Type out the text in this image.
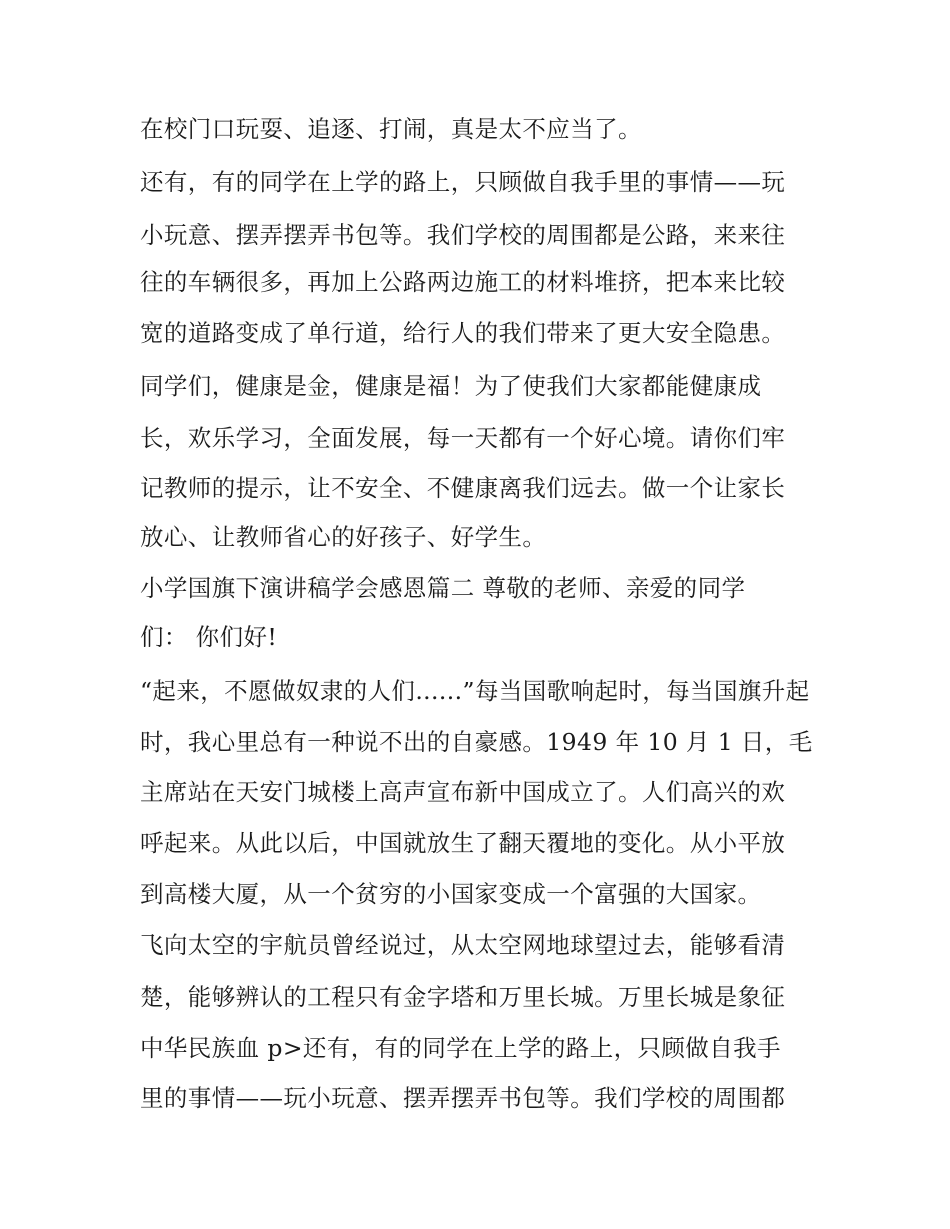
在校门口玩耍、追逐、打闹，真是太不应当了。
还有，有的同学在上学的路上，只顾做自我手里的事情——玩
小玩意、摆弄摆弄书包等。我们学校的周围都是公路，来来往
往的车辆很多，再加上公路两边施工的材料堆挤，把本来比较
宽的道路变成了单行道，给行人的我们带来了更大安全隐患。
同学们，健康是金，健康是福！为了使我们大家都能健康成
长，欢乐学习，全面发展，每一天都有一个好心境。请你们牢
记教师的提示，让不安全、不健康离我们远去。做一个让家长
放心、让教师省心的好孩子、好学生。
小学国旗下演讲稿学会感恩篇二 尊敬的老师、亲爱的同学
们： 你们好!
“起来，不愿做奴隶的人们......”每当国歌响起时，每当国旗升起
时，我心里总有一种说不出的自豪感。1949 年 10 月 1 日，毛
主席站在天安门城楼上高声宣布新中国成立了。人们高兴的欢
呼起来。从此以后，中国就放生了翻天覆地的变化。从小平放
到高楼大厦，从一个贫穷的小国家变成一个富强的大国家。
飞向太空的宇航员曾经说过，从太空网地球望过去，能够看清
楚，能够辨认的工程只有金字塔和万里长城。万里长城是象征
中华民族血 p>还有，有的同学在上学的路上，只顾做自我手
里的事情——玩小玩意、摆弄摆弄书包等。我们学校的周围都
